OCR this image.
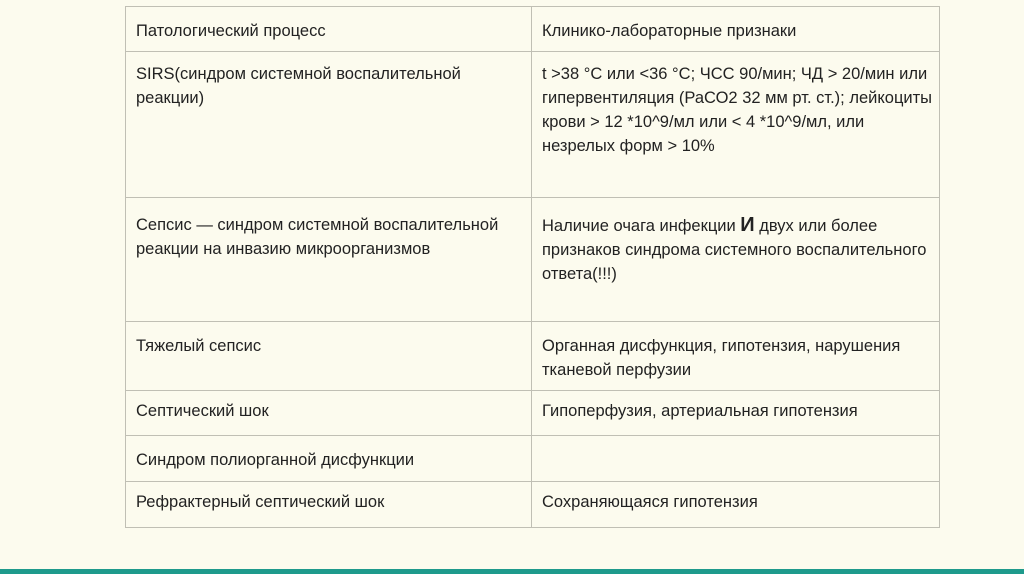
Патологический процесс	Клинико-лабораторные признаки
SIRS(синдром системной воспалительной реакции)	t >38 °С или <36 °С; ЧСС 90/мин; ЧД > 20/мин или гипервентиляция (РаСО2 32 мм рт. ст.); лейкоциты крови > 12 *10^9/мл или < 4 *10^9/мл, или незрелых форм > 10%
Сепсис — синдром системной воспалительной реакции на инвазию микроорганизмов	Наличие очага инфекции И двух или более признаков синдрома системного воспалительного ответа(!!!)
Тяжелый сепсис	Органная дисфункция, гипотензия, нарушения тканевой перфузии
Септический шок	Гипоперфузия, артериальная гипотензия
Синдром полиорганной дисфункции	
Рефрактерный септический шок	Сохраняющаяся гипотензия
